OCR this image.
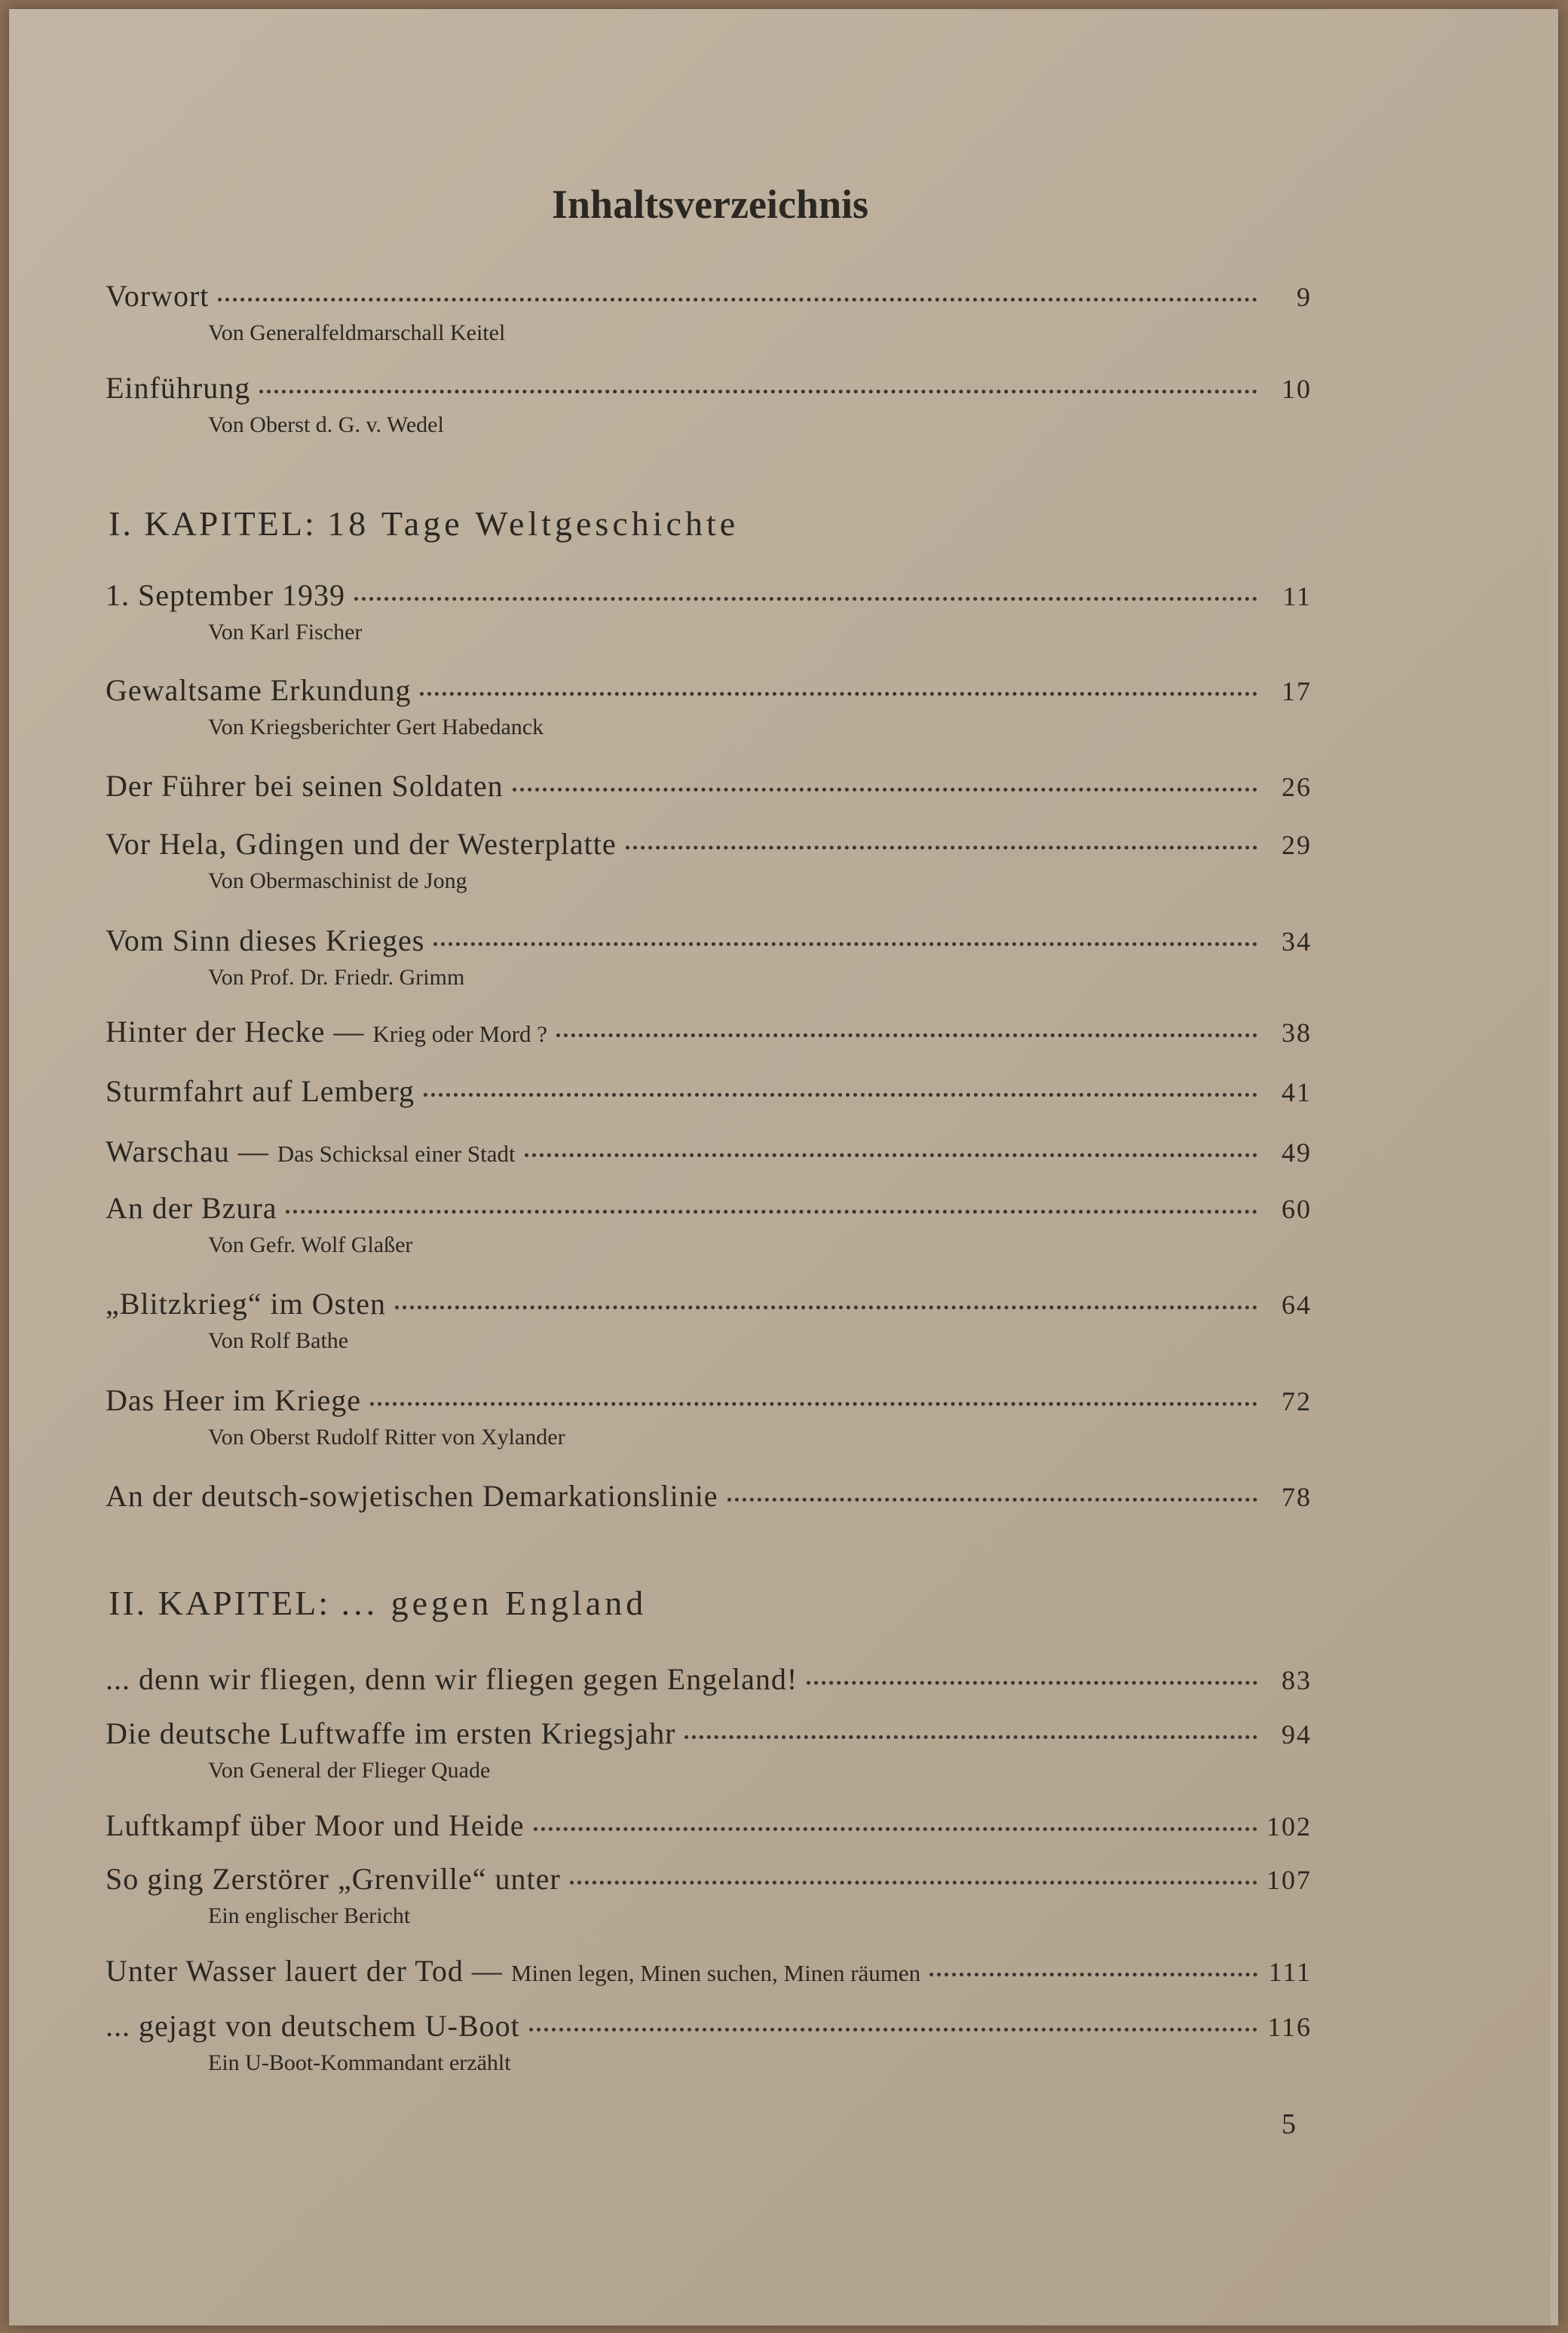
Inhaltsverzeichnis
Vorwort	9
Von Generalfeldmarschall Keitel
Einführung	10
Von Oberst d. G. v. Wedel
I. KAPITEL: 18 Tage Weltgeschichte
1. September 1939	11
Von Karl Fischer
Gewaltsame Erkundung	17
Von Kriegsberichter Gert Habedanck
Der Führer bei seinen Soldaten	26
Vor Hela, Gdingen und der Westerplatte	29
Von Obermaschinist de Jong
Vom Sinn dieses Krieges	34
Von Prof. Dr. Friedr. Grimm
Hinter der Hecke — Krieg oder Mord ?	38
Sturmfahrt auf Lemberg	41
Warschau — Das Schicksal einer Stadt	49
An der Bzura	60
Von Gefr. Wolf Glaßer
„Blitzkrieg“ im Osten	64
Von Rolf Bathe
Das Heer im Kriege	72
Von Oberst Rudolf Ritter von Xylander
An der deutsch-sowjetischen Demarkationslinie	78
II. KAPITEL: ... gegen England
... denn wir fliegen, denn wir fliegen gegen Engeland!	83
Die deutsche Luftwaffe im ersten Kriegsjahr	94
Von General der Flieger Quade
Luftkampf über Moor und Heide	102
So ging Zerstörer „Grenville“ unter	107
Ein englischer Bericht
Unter Wasser lauert der Tod — Minen legen, Minen suchen, Minen räumen	111
... gejagt von deutschem U-Boot	116
Ein U-Boot-Kommandant erzählt
5
